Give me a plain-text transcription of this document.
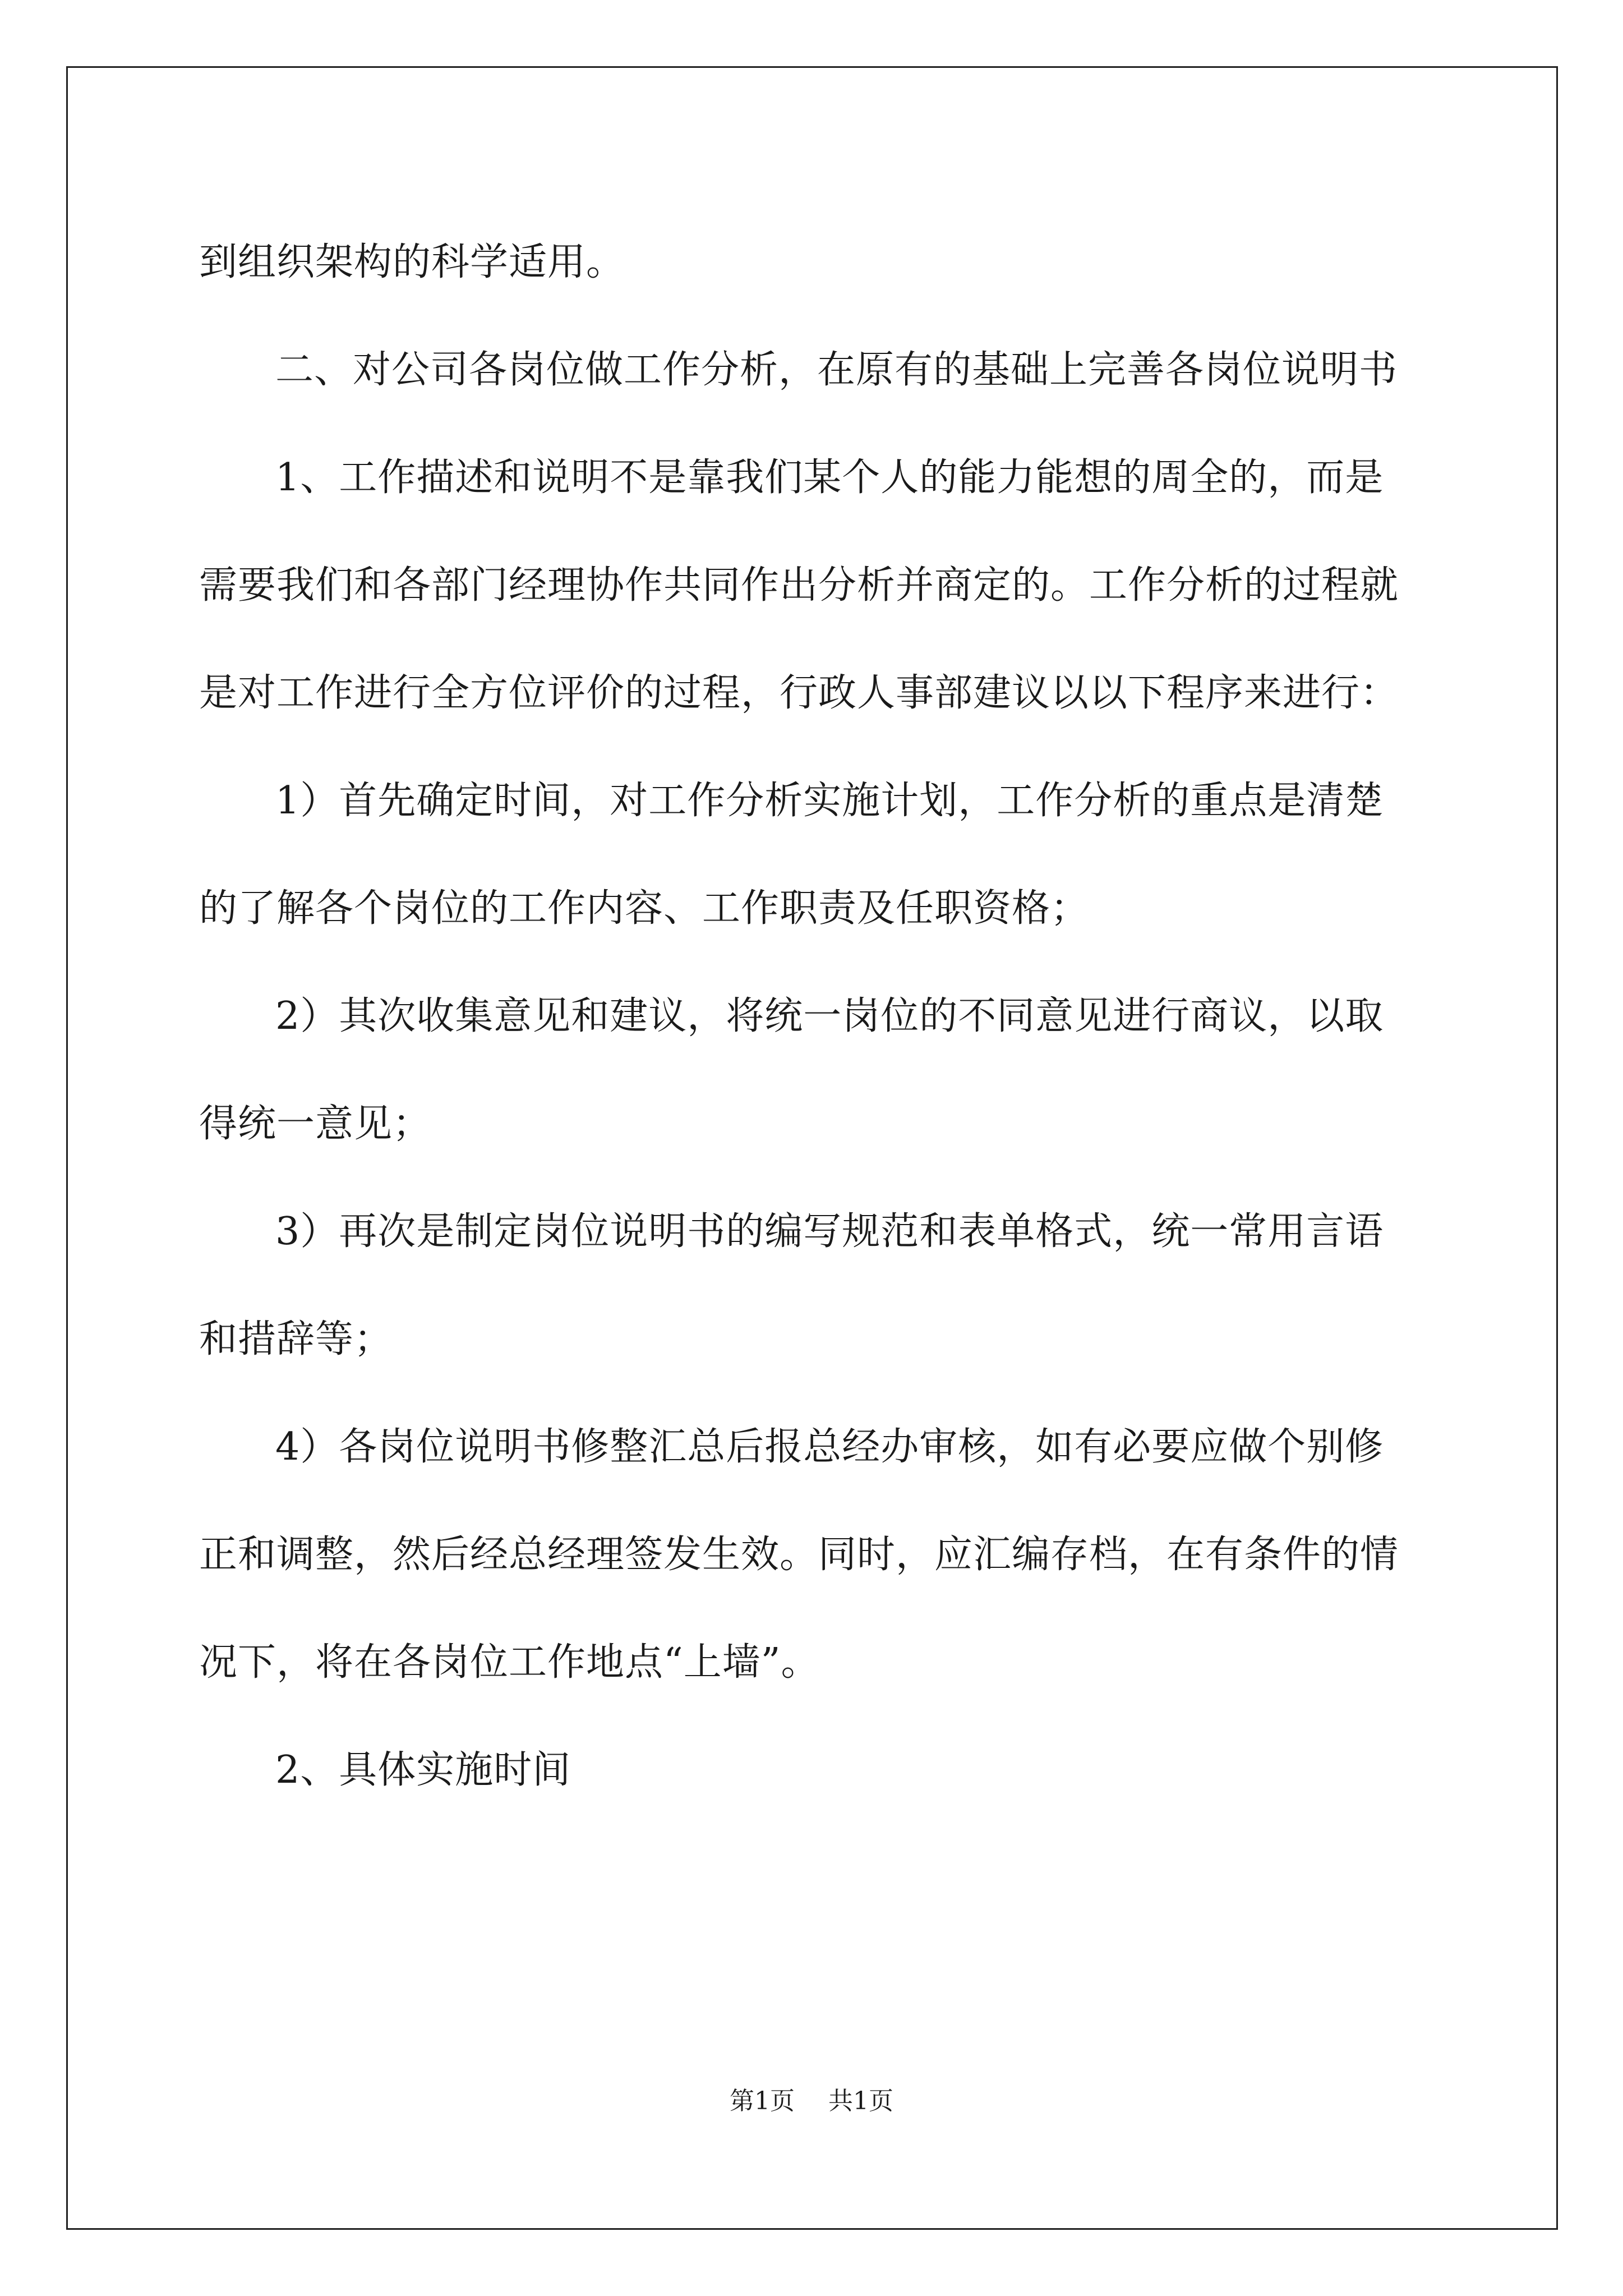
到组织架构的科学适用。

二、对公司各岗位做工作分析，在原有的基础上完善各岗位说明书

1、工作描述和说明不是靠我们某个人的能力能想的周全的，而是需要我们和各部门经理协作共同作出分析并商定的。工作分析的过程就是对工作进行全方位评价的过程，行政人事部建议以以下程序来进行：

1）首先确定时间，对工作分析实施计划，工作分析的重点是清楚的了解各个岗位的工作内容、工作职责及任职资格；

2）其次收集意见和建议，将统一岗位的不同意见进行商议，以取得统一意见；

3）再次是制定岗位说明书的编写规范和表单格式，统一常用言语和措辞等；

4）各岗位说明书修整汇总后报总经办审核，如有必要应做个别修正和调整，然后经总经理签发生效。同时，应汇编存档，在有条件的情况下，将在各岗位工作地点“上墙”。

2、具体实施时间

第1页 共1页
